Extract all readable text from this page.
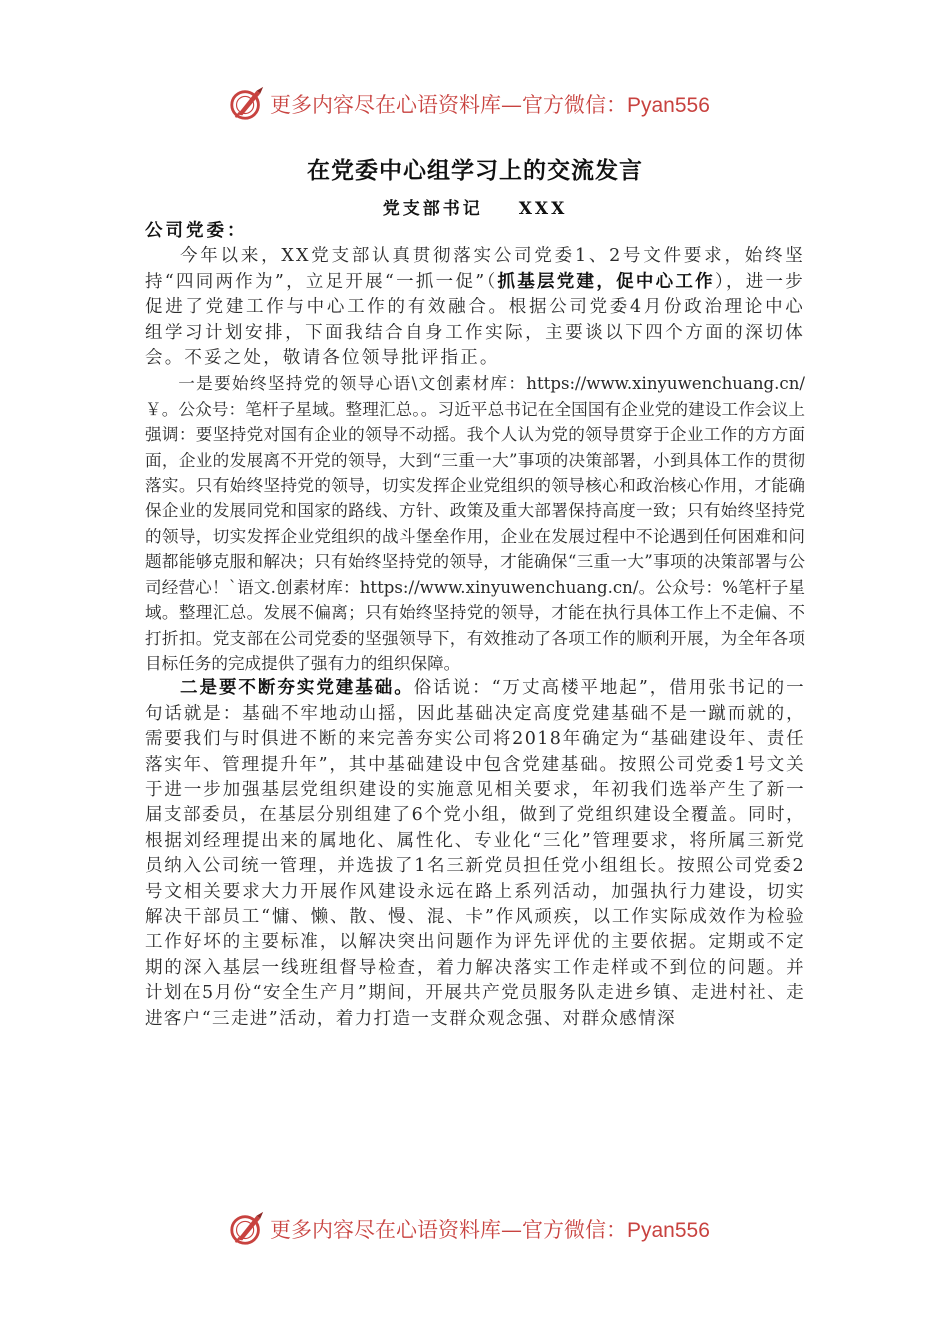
更多内容尽在心语资料库—官方微信：Pyan556
在党委中心组学习上的交流发言
党支部书记 XXX

公司党委：

今年以来，XX党支部认真贯彻落实公司党委1、2号文件要求，始终坚持“四同两作为”，立足开展“一抓一促”（抓基层党建，促中心工作），进一步促进了党建工作与中心工作的有效融合。根据公司党委4月份政治理论中心组学习计划安排，下面我结合自身工作实际，主要谈以下四个方面的深切体会。不妥之处，敬请各位领导批评指正。

一是要始终坚持党的领导心语\文创素材库：https://www.xinyuwenchuang.cn/￥。公众号：笔杆子星域。整理汇总。。习近平总书记在全国国有企业党的建设工作会议上强调：要坚持党对国有企业的领导不动摇。我个人认为党的领导贯穿于企业工作的方方面面，企业的发展离不开党的领导，大到“三重一大”事项的决策部署，小到具体工作的贯彻落实。只有始终坚持党的领导，切实发挥企业党组织的领导核心和政治核心作用，才能确保企业的发展同党和国家的路线、方针、政策及重大部署保持高度一致；只有始终坚持党的领导，切实发挥企业党组织的战斗堡垒作用，企业在发展过程中不论遇到任何困难和问题都能够克服和解决；只有始终坚持党的领导，才能确保“三重一大”事项的决策部署与公司经营心！`语文.创素材库：https://www.xinyuwenchuang.cn/。公众号：%笔杆子星域。整理汇总。发展不偏离；只有始终坚持党的领导，才能在执行具体工作上不走偏、不打折扣。党支部在公司党委的坚强领导下，有效推动了各项工作的顺利开展，为全年各项目标任务的完成提供了强有力的组织保障。

二是要不断夯实党建基础。俗话说：“万丈高楼平地起”，借用张书记的一句话就是：基础不牢地动山摇，因此基础决定高度党建基础不是一蹴而就的，需要我们与时俱进不断的来完善夯实公司将2018年确定为“基础建设年、责任落实年、管理提升年”，其中基础建设中包含党建基础。按照公司党委1号文关于进一步加强基层党组织建设的实施意见相关要求，年初我们选举产生了新一届支部委员，在基层分别组建了6个党小组，做到了党组织建设全覆盖。同时，根据刘经理提出来的属地化、属性化、专业化“三化”管理要求，将所属三新党员纳入公司统一管理，并选拔了1名三新党员担任党小组组长。按照公司党委2号文相关要求大力开展作风建设永远在路上系列活动，加强执行力建设，切实解决干部员工“慵、懒、散、慢、混、卡”作风顽疾，以工作实际成效作为检验工作好坏的主要标准，以解决突出问题作为评先评优的主要依据。定期或不定期的深入基层一线班组督导检查，着力解决落实工作走样或不到位的问题。并计划在5月份“安全生产月”期间，开展共产党员服务队走进乡镇、走进村社、走进客户“三走进”活动，着力打造一支群众观念强、对群众感情深

更多内容尽在心语资料库—官方微信：Pyan556
